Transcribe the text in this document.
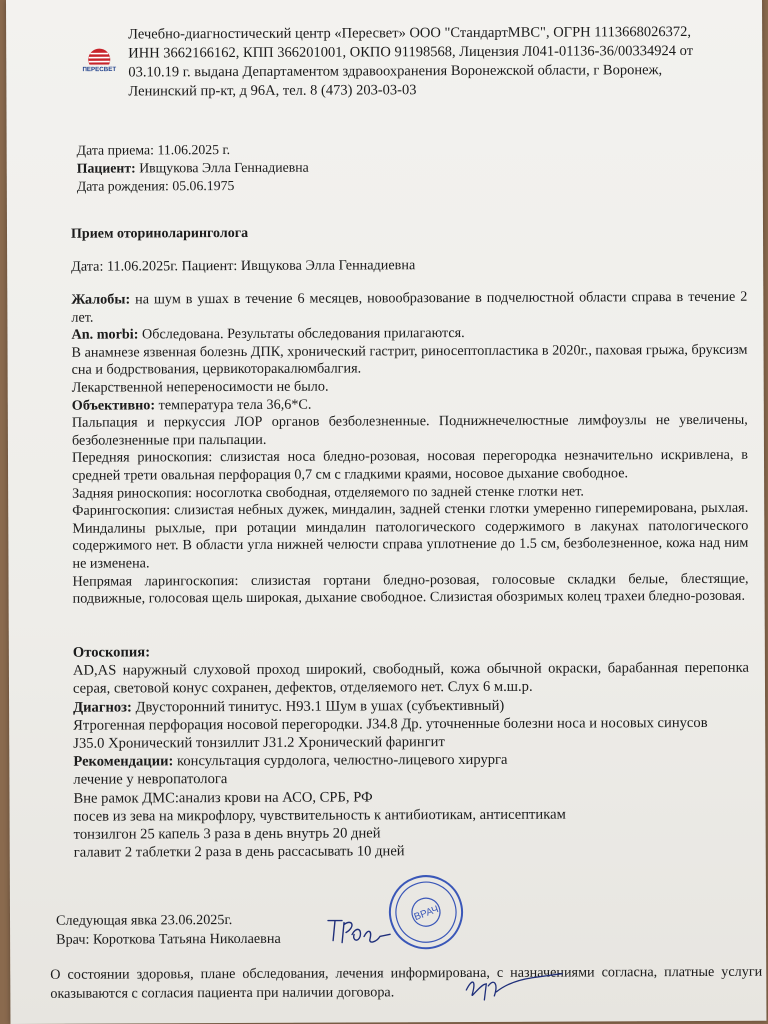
ПЕРЕСВЕТ

Лечебно-диагностический центр «Пересвет» ООО "СтандартМВС", ОГРН 1113668026372,

ИНН 3662166162, КПП 366201001, ОКПО 91198568, Лицензия Л041-01136-36/00334924 от

03.10.19 г. выдана Департаментом здравоохранения Воронежской области, г Воронеж,

Ленинский пр-кт, д 96А, тел. 8 (473) 203-03-03

Дата приема: 11.06.2025 г.

Пациент: Ивщукова Элла Геннадиевна

Дата рождения: 05.06.1975

Прием оториноларинголога
Дата: 11.06.2025г. Пациент: Ивщукова Элла Геннадиевна

Жалобы: на шум в ушах в течение 6 месяцев, новообразование в подчелюстной области справа в течение 2 лет.

An. morbi: Обследована. Результаты обследования прилагаются.

В анамнезе язвенная болезнь ДПК, хронический гастрит, риносептопластика в 2020г., паховая грыжа, бруксизм сна и бодрствования, цервикоторакалюмбалгия.

Лекарственной непереносимости не было.

Объективно: температура тела 36,6*С.

Пальпация и перкуссия ЛОР органов безболезненные. Поднижнечелюстные лимфоузлы не увеличены, безболезненные при пальпации.

Передняя риноскопия: слизистая носа бледно-розовая, носовая перегородка незначительно искривлена, в средней трети овальная перфорация 0,7 см с гладкими краями, носовое дыхание свободное.

Задняя риноскопия: носоглотка свободная, отделяемого по задней стенке глотки нет.

Фарингоскопия: слизистая небных дужек, миндалин, задней стенки глотки умеренно гиперемирована, рыхлая. Миндалины рыхлые, при ротации миндалин патологического содержимого в лакунах патологического содержимого нет. В области угла нижней челюсти справа уплотнение до 1.5 см, безболезненное, кожа над ним не изменена.

Непрямая ларингоскопия: слизистая гортани бледно-розовая, голосовые складки белые, блестящие, подвижные, голосовая щель широкая, дыхание свободное. Слизистая обозримых колец трахеи бледно-розовая.

Отоскопия:

AD,AS наружный слуховой проход широкий, свободный, кожа обычной окраски, барабанная перепонка серая, световой конус сохранен, дефектов, отделяемого нет. Слух 6 м.ш.р.

Диагноз: Двусторонний тинитус. H93.1 Шум в ушах (субъективный)

Ятрогенная перфорация носовой перегородки. J34.8 Др. уточненные болезни носа и носовых синусов

J35.0 Хронический тонзиллит J31.2 Хронический фарингит

Рекомендации: консультация сурдолога, челюстно-лицевого хирурга

лечение у невропатолога

Вне рамок ДМС:анализ крови на АСО, СРБ, РФ

посев из зева на микрофлору, чувствительность к антибиотикам, антисептикам

тонзилгон 25 капель 3 раза в день внутрь 20 дней

галавит 2 таблетки 2 раза в день рассасывать 10 дней

Следующая явка 23.06.2025г.

Врач: Короткова Татьяна Николаевна

ВРАЧ
О состоянии здоровья, плане обследования, лечения информирована, с назначениями согласна, платные услуги оказываются с согласия пациента при наличии договора.
